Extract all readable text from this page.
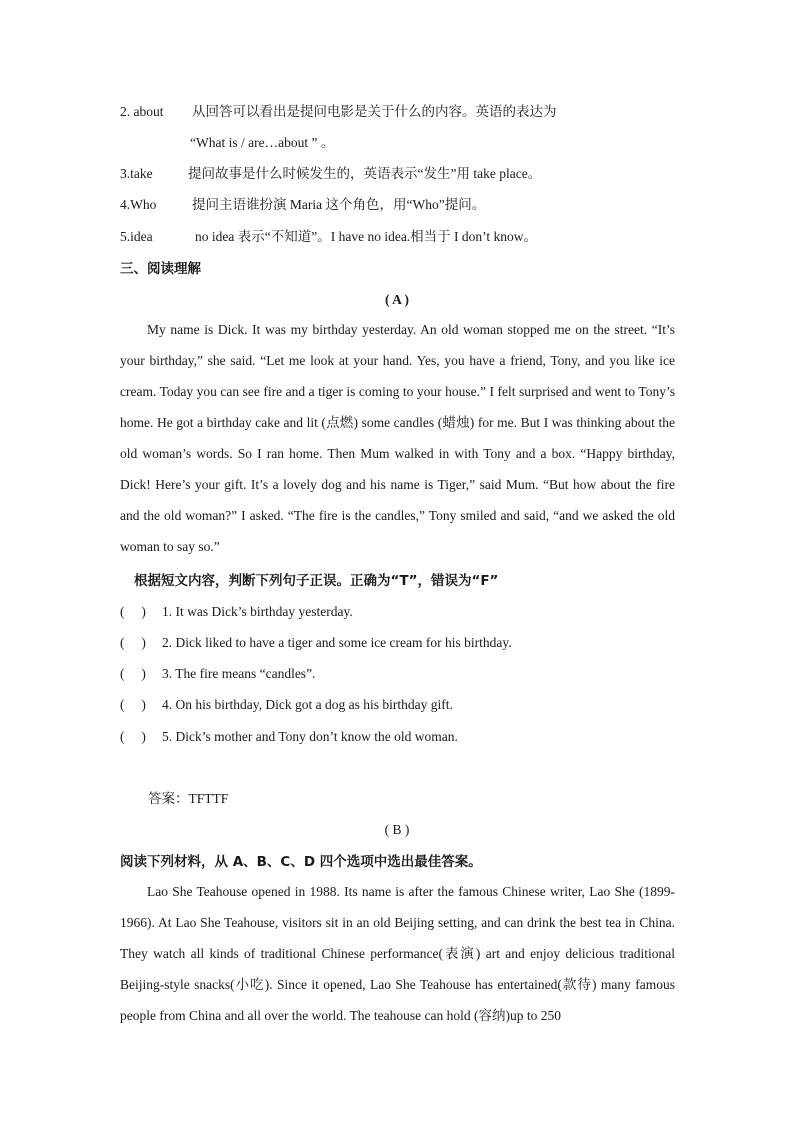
2. about 从回答可以看出是提问电影是关于什么的内容。英语的表达为
“What is / are…about ” 。
3.take	提问故事是什么时候发生的，英语表示“发生”用 take place。
4.Who	提问主语谁扮演 Maria 这个角色，用“Who”提问。
5.idea	no idea 表示“不知道”。I have no idea.相当于 I don’t know。
三、阅读理解
( A )
My name is Dick. It was my birthday yesterday. An old woman stopped me on the street. “It’s your birthday,” she said. “Let me look at your hand. Yes, you have a friend, Tony, and you like ice cream. Today you can see fire and a tiger is coming to your house.” I felt surprised and went to Tony’s home. He got a birthday cake and lit (点燃) some candles (蜡烛) for me. But I was thinking about the old woman’s words. So I ran home. Then Mum walked in with Tony and a box. “Happy birthday, Dick! Here’s your gift. It’s a lovely dog and his name is Tiger,” said Mum. “But how about the fire and the old woman?” I asked. “The fire is the candles,” Tony smiled and said, “and we asked the old woman to say so.”
根据短文内容，判断下列句子正误。正确为“T”，错误为“F”
(　 ) 1. It was Dick’s birthday yesterday.
(　 ) 2. Dick liked to have a tiger and some ice cream for his birthday.
(　 ) 3. The fire means “candles”.
(　 ) 4. On his birthday, Dick got a dog as his birthday gift.
(　 ) 5. Dick’s mother and Tony don’t know the old woman.
答案：TFTTF
( B )
阅读下列材料，从 A、B、C、D 四个选项中选出最佳答案。
Lao She Teahouse opened in 1988. Its name is after the famous Chinese writer, Lao She (1899-1966). At Lao She Teahouse, visitors sit in an old Beijing setting, and can drink the best tea in China. They watch all kinds of traditional Chinese performance(表演) art and enjoy delicious traditional Beijing-style snacks(小吃). Since it opened, Lao She Teahouse has entertained(款待) many famous people from China and all over the world. The teahouse can hold (容纳)up to 250
